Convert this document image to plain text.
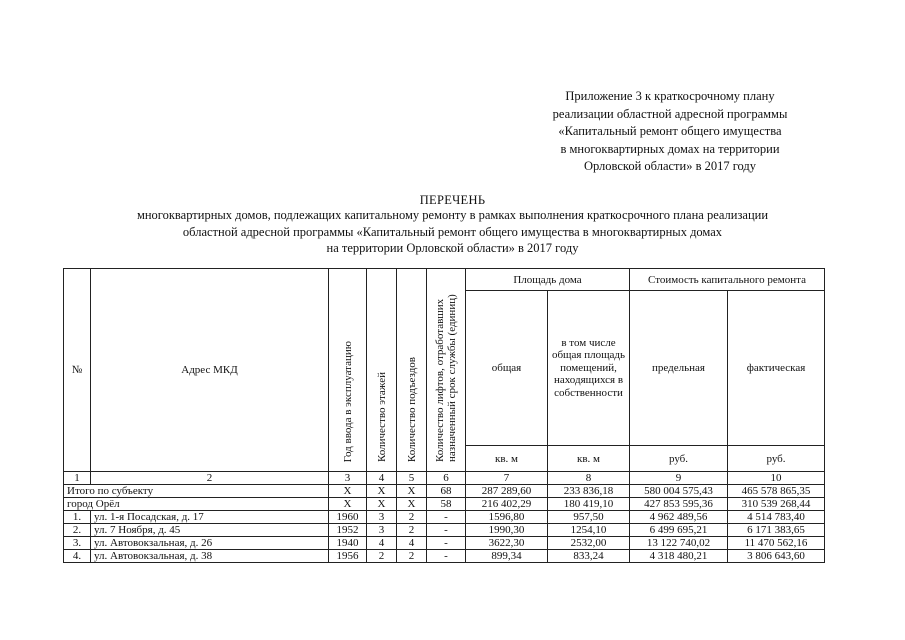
Приложение 3 к краткосрочному плану
реализации областной адресной программы
«Капитальный ремонт общего имущества
в многоквартирных домах на территории
Орловской области» в 2017 году
ПЕРЕЧЕНЬ
многоквартирных домов, подлежащих капитальному ремонту в рамках выполнения краткосрочного плана реализации
областной адресной программы «Капитальный ремонт общего имущества в многоквартирных домах
на территории Орловской области» в 2017 году
№	Адрес МКД	Год ввода в эксплуатацию	Количество этажей	Количество подъездов	Количество лифтов, отработавших назначенный срок службы (единиц)	Площадь дома		Стоимость капитального ремонта	
						общая	в том числе общая площадь помещений, находящихся в собственности	предельная	фактическая
						кв. м	кв. м	руб.	руб.
1	2	3	4	5	6	7	8	9	10
Итого по субъекту		Х	Х	Х	68	287 289,60	233 836,18	580 004 575,43	465 578 865,35
город Орёл		Х	Х	Х	58	216 402,29	180 419,10	427 853 595,36	310 539 268,44
1.	ул. 1-я Посадская, д. 17	1960	3	2	-	1596,80	957,50	4 962 489,56	4 514 783,40
2.	ул. 7 Ноября, д. 45	1952	3	2	-	1990,30	1254,10	6 499 695,21	6 171 383,65
3.	ул. Автовокзальная, д. 26	1940	4	4	-	3622,30	2532,00	13 122 740,02	11 470 562,16
4.	ул. Автовокзальная, д. 38	1956	2	2	-	899,34	833,24	4 318 480,21	3 806 643,60
